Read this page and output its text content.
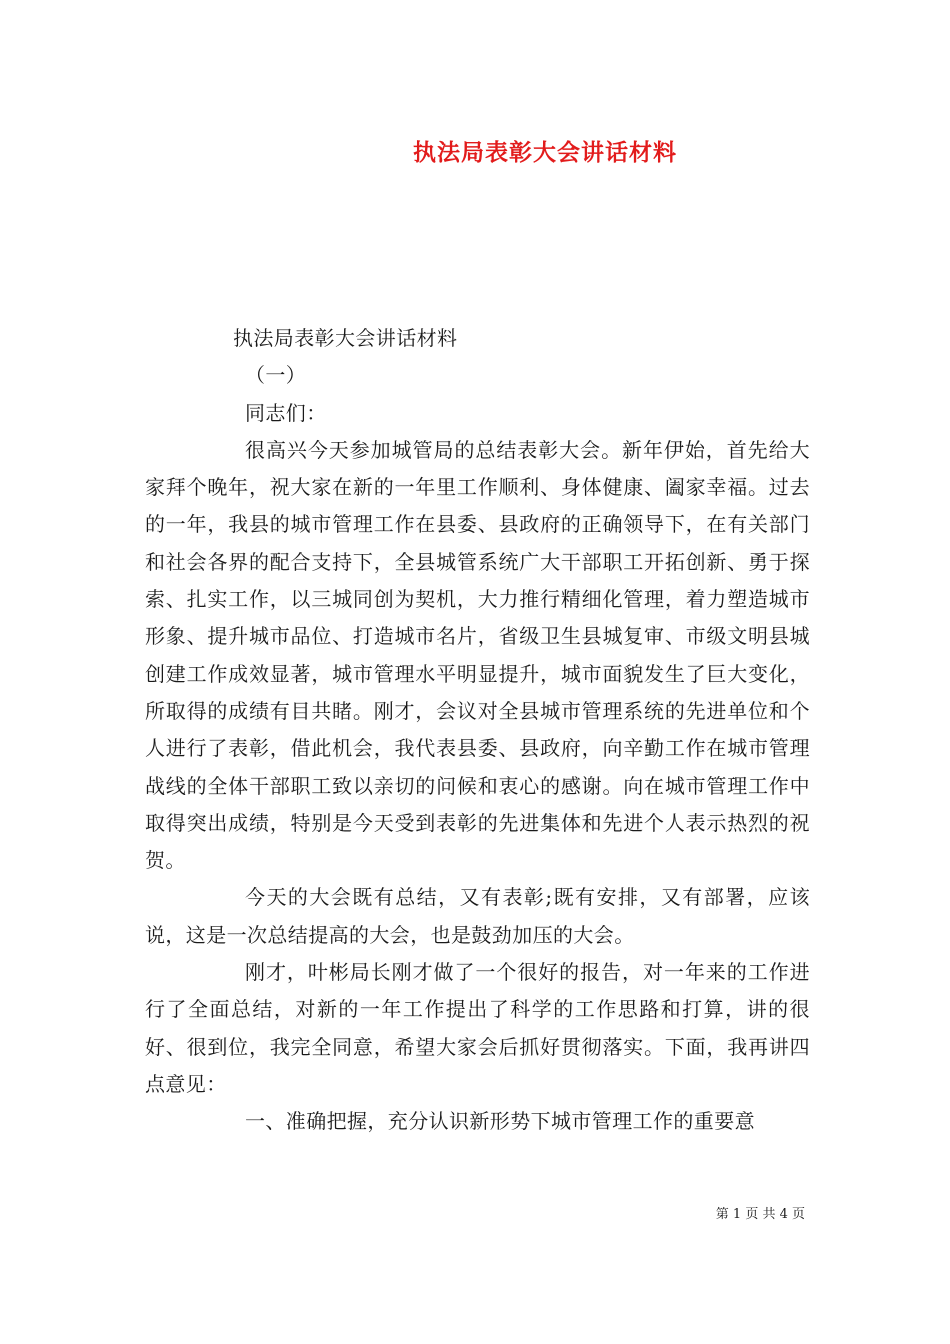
执法局表彰大会讲话材料

执法局表彰大会讲话材料

（一）

同志们：

很高兴今天参加城管局的总结表彰大会。新年伊始，首先给大家拜个晚年，祝大家在新的一年里工作顺利、身体健康、阖家幸福。过去的一年，我县的城市管理工作在县委、县政府的正确领导下，在有关部门和社会各界的配合支持下，全县城管系统广大干部职工开拓创新、勇于探索、扎实工作，以三城同创为契机，大力推行精细化管理，着力塑造城市形象、提升城市品位、打造城市名片，省级卫生县城复审、市级文明县城创建工作成效显著，城市管理水平明显提升，城市面貌发生了巨大变化，所取得的成绩有目共睹。刚才，会议对全县城市管理系统的先进单位和个人进行了表彰，借此机会，我代表县委、县政府，向辛勤工作在城市管理战线的全体干部职工致以亲切的问候和衷心的感谢。向在城市管理工作中取得突出成绩，特别是今天受到表彰的先进集体和先进个人表示热烈的祝贺。

今天的大会既有总结，又有表彰;既有安排，又有部署，应该说，这是一次总结提高的大会，也是鼓劲加压的大会。

刚才，叶彬局长刚才做了一个很好的报告，对一年来的工作进行了全面总结，对新的一年工作提出了科学的工作思路和打算，讲的很好、很到位，我完全同意，希望大家会后抓好贯彻落实。下面，我再讲四点意见：

一、准确把握，充分认识新形势下城市管理工作的重要意

第 1 页 共 4 页
